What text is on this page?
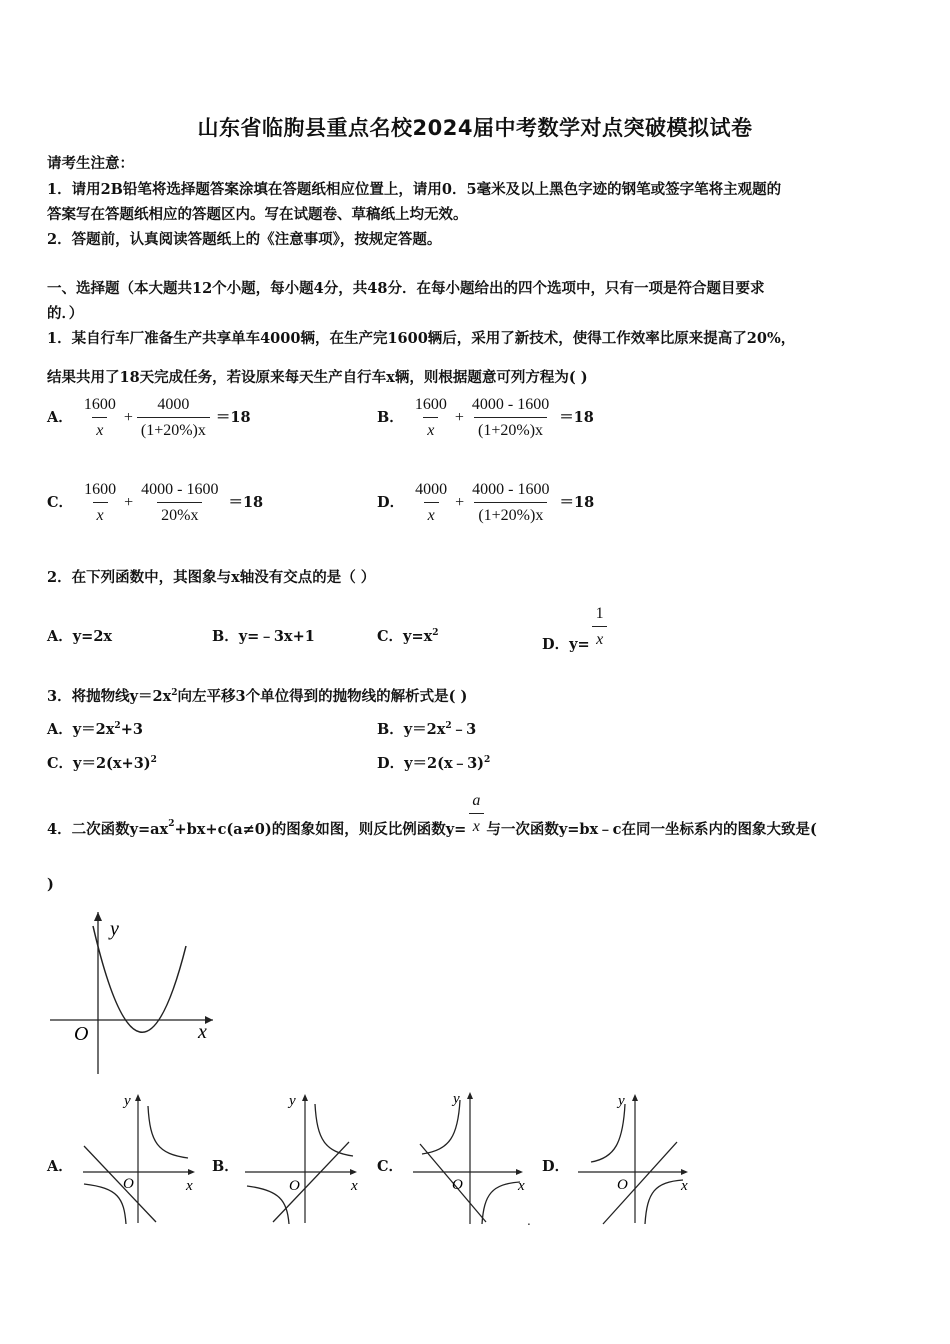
山东省临朐县重点名校2024届中考数学对点突破模拟试卷
请考生注意：
1．请用2B铅笔将选择题答案涂填在答题纸相应位置上，请用0．5毫米及以上黑色字迹的钢笔或签字笔将主观题的
答案写在答题纸相应的答题区内。写在试题卷、草稿纸上均无效。
2．答题前，认真阅读答题纸上的《注意事项》，按规定答题。
一、选择题（本大题共12个小题，每小题4分，共48分．在每小题给出的四个选项中，只有一项是符合题目要求
的．）
1．某自行车厂准备生产共享单车4000辆，在生产完1600辆后，采用了新技术，使得工作效率比原来提高了20%，
结果共用了18天完成任务，若设原来每天生产自行车x辆，则根据题意可列方程为( )
A． $\frac{1600}{x} + \frac{4000}{(1+20\%)x} =18$	B． $\frac{1600}{x} + \frac{4000 - 1600}{(1+20\%)x} =18$
C． $\frac{1600}{x} + \frac{4000 - 1600}{20\%x} =18$	D． $\frac{4000}{x} + \frac{4000 - 1600}{(1+20\%)x} =18$
2．在下列函数中，其图象与x轴没有交点的是（ ）
A．y=2x	B．y=﹣3x+1	C．$y=x^2$
D．$y= \frac{1}{x}$
3．将抛物线$y=2x^2$向左平移3个单位得到的抛物线的解析式是( )
A．$y=2x^2+3$	B．$y=2x^2﹣3$
C．$y=2(x+3)^2$	D．y＝2(x﹣3)$^2$
4．二次函数$y=ax^2 +bx+c(a\ne 0)$的图象如图，则反比例函数$y= \frac{a}{x}$ 与一次函数y=bx﹣c在同一坐标系内的图象大致是(
)
y
x
O
A．
y
x
O
B．
y
x
O
C．
y
x
O
.
D．
y
x
O
